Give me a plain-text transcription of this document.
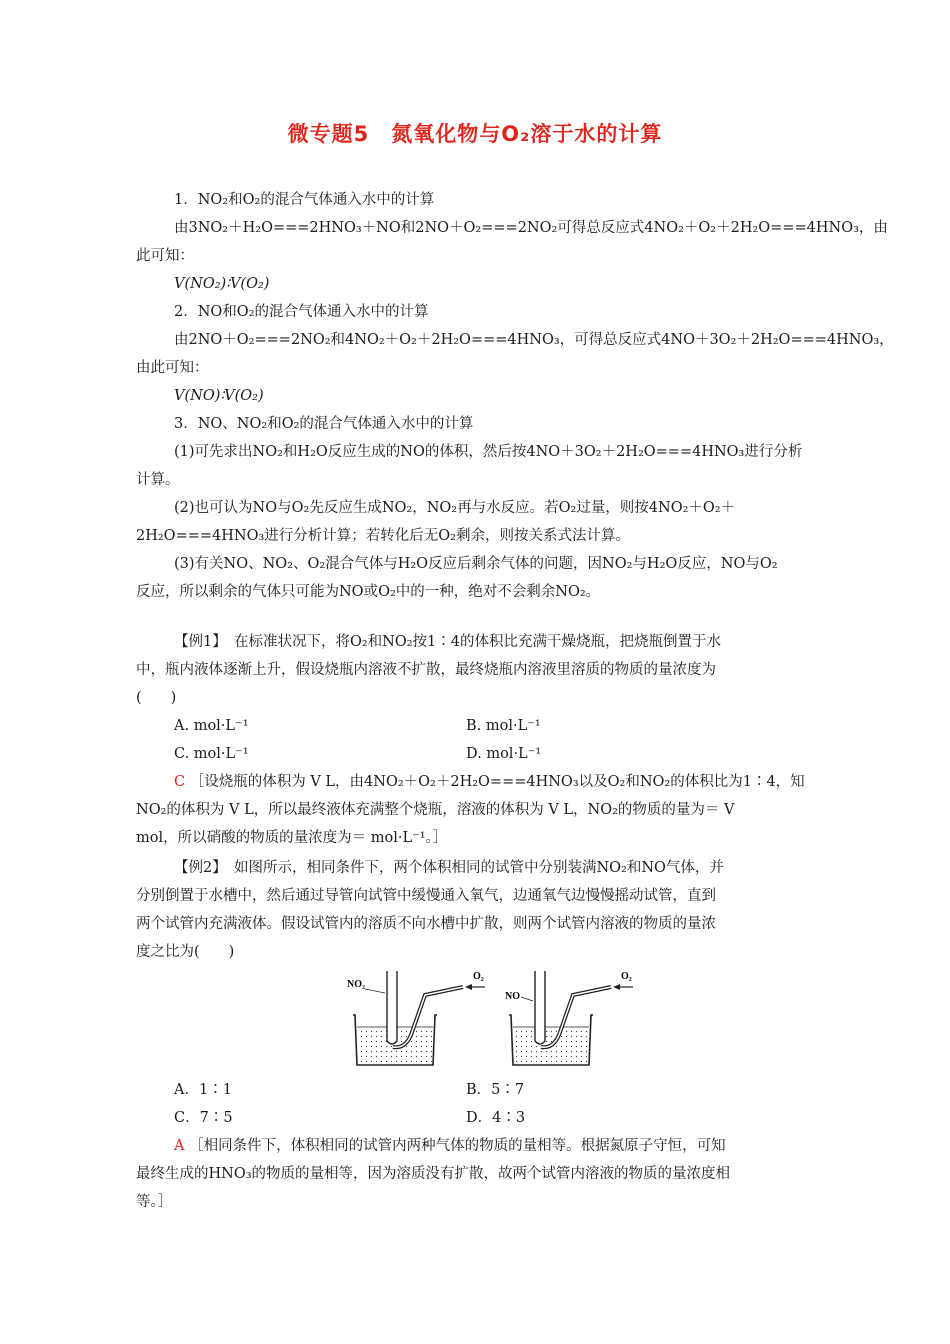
微专题5　氮氧化物与O₂溶于水的计算
1．NO₂和O₂的混合气体通入水中的计算
由3NO₂＋H₂O===2HNO₃＋NO和2NO＋O₂===2NO₂可得总反应式4NO₂＋O₂＋2H₂O===4HNO₃，由
此可知：
V(NO₂)∶V(O₂)
2．NO和O₂的混合气体通入水中的计算
由2NO＋O₂===2NO₂和4NO₂＋O₂＋2H₂O===4HNO₃，可得总反应式4NO＋3O₂＋2H₂O===4HNO₃，
由此可知：
V(NO)∶V(O₂)
3．NO、NO₂和O₂的混合气体通入水中的计算
(1)可先求出NO₂和H₂O反应生成的NO的体积，然后按4NO＋3O₂＋2H₂O===4HNO₃进行分析
计算。
(2)也可认为NO与O₂先反应生成NO₂，NO₂再与水反应。若O₂过量，则按4NO₂＋O₂＋
2H₂O===4HNO₃进行分析计算；若转化后无O₂剩余，则按关系式法计算。
(3)有关NO、NO₂、O₂混合气体与H₂O反应后剩余气体的问题，因NO₂与H₂O反应，NO与O₂
反应，所以剩余的气体只可能为NO或O₂中的一种，绝对不会剩余NO₂。
【例1】　在标准状况下，将O₂和NO₂按1∶4的体积比充满干燥烧瓶，把烧瓶倒置于水
中，瓶内液体逐渐上升，假设烧瓶内溶液不扩散，最终烧瓶内溶液里溶质的物质的量浓度为
(　　)
A. mol·L⁻¹	B. mol·L⁻¹
C. mol·L⁻¹	D. mol·L⁻¹
C ［设烧瓶的体积为 V L，由4NO₂＋O₂＋2H₂O===4HNO₃以及O₂和NO₂的体积比为1∶4，知
NO₂的体积为 V L，所以最终液体充满整个烧瓶，溶液的体积为 V L，NO₂的物质的量为＝ V
mol，所以硝酸的物质的量浓度为＝ mol·L⁻¹。］
【例2】　如图所示，相同条件下，两个体积相同的试管中分别装满NO₂和NO气体，并
分别倒置于水槽中，然后通过导管向试管中缓慢通入氧气，边通氧气边慢慢摇动试管，直到
两个试管内充满液体。假设试管内的溶质不向水槽中扩散，则两个试管内溶液的物质的量浓
度之比为(　　)
NO₂
O₂
NO
O₂
A．1∶1	B．5∶7
C．7∶5	D．4∶3
A ［相同条件下，体积相同的试管内两种气体的物质的量相等。根据氮原子守恒，可知
最终生成的HNO₃的物质的量相等，因为溶质没有扩散，故两个试管内溶液的物质的量浓度相
等。］
